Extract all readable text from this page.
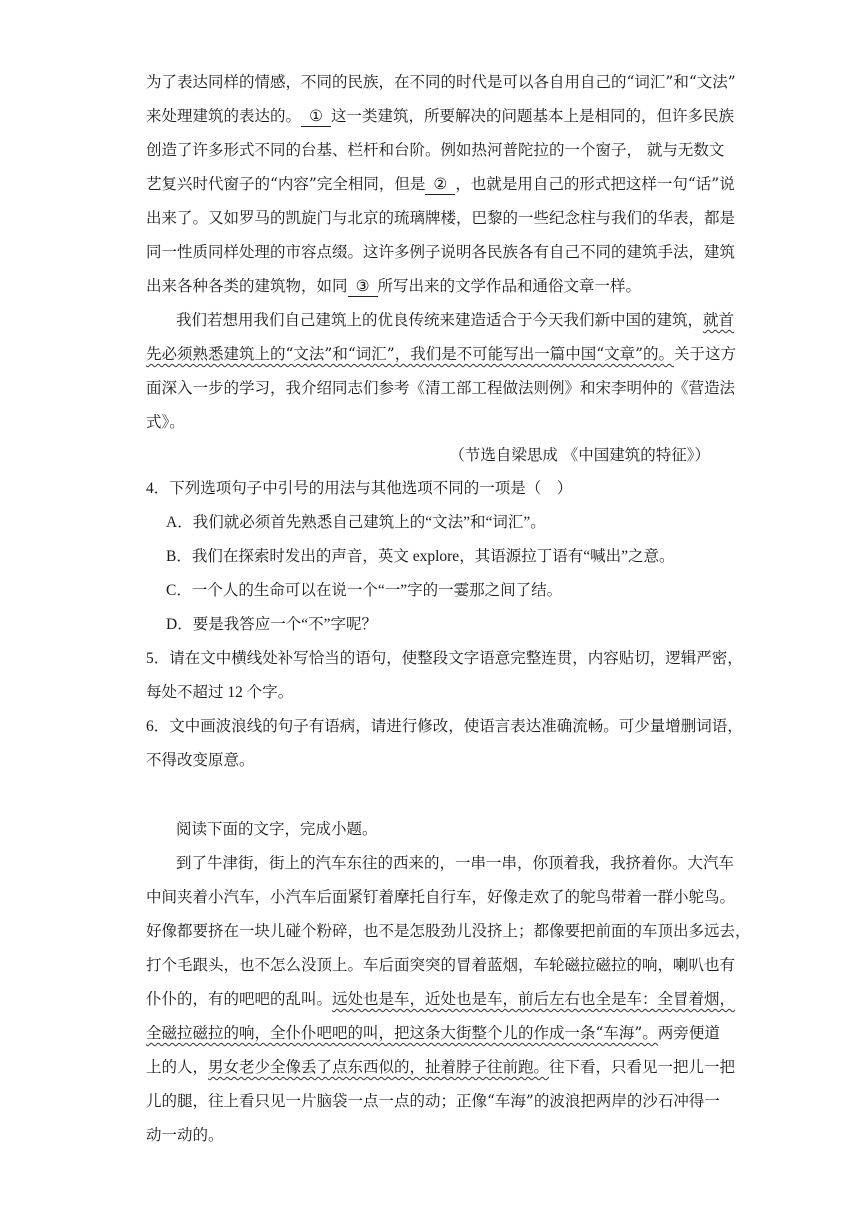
为了表达同样的情感，不同的民族，在不同的时代是可以各自用自己的“词汇”和“文法”
来处理建筑的表达的。 ① 这一类建筑，所要解决的问题基本上是相同的，但许多民族
创造了许多形式不同的台基、栏杆和台阶。例如热河普陀拉的一个窗子， 就与无数文
艺复兴时代窗子的“内容”完全相同，但是 ② ，也就是用自己的形式把这样一句“话”说
出来了。又如罗马的凯旋门与北京的琉璃牌楼，巴黎的一些纪念柱与我们的华表，都是
同一性质同样处理的市容点缀。这许多例子说明各民族各有自己不同的建筑手法，建筑
出来各种各类的建筑物，如同 ③ 所写出来的文学作品和通俗文章一样。
我们若想用我们自己建筑上的优良传统来建造适合于今天我们新中国的建筑，就首
先必须熟悉建筑上的“文法”和“词汇”，我们是不可能写出一篇中国“文章”的。关于这方
面深入一步的学习，我介绍同志们参考《清工部工程做法则例》和宋李明仲的《营造法
式》。
（节选自梁思成 《中国建筑的特征》）
4．下列选项句子中引号的用法与其他选项不同的一项是（　）
A．我们就必须首先熟悉自己建筑上的“文法”和“词汇”。
B．我们在探索时发出的声音，英文 explore，其语源拉丁语有“喊出”之意。
C．一个人的生命可以在说一个“一”字的一霎那之间了结。
D．要是我答应一个“不”字呢？
5．请在文中横线处补写恰当的语句，使整段文字语意完整连贯，内容贴切，逻辑严密，
每处不超过 12 个字。
6．文中画波浪线的句子有语病，请进行修改，使语言表达准确流畅。可少量增删词语，
不得改变原意。
阅读下面的文字，完成小题。
到了牛津街，街上的汽车东往的西来的，一串一串，你顶着我，我挤着你。大汽车
中间夹着小汽车，小汽车后面紧钉着摩托自行车，好像走欢了的鸵鸟带着一群小鸵鸟。
好像都要挤在一块儿碰个粉碎，也不是怎股劲儿没挤上；都像要把前面的车顶出多远去，
打个毛跟头，也不怎么没顶上。车后面突突的冒着蓝烟，车轮磁拉磁拉的响，喇叭也有
仆仆的，有的吧吧的乱叫。远处也是车，近处也是车，前后左右也全是车：全冒着烟，
全磁拉磁拉的响，全仆仆吧吧的叫，把这条大街整个儿的作成一条“车海”。两旁便道
上的人，男女老少全像丢了点东西似的，扯着脖子往前跑。往下看，只看见一把儿一把
儿的腿，往上看只见一片脑袋一点一点的动；正像“车海”的波浪把两岸的沙石冲得一
动一动的。
